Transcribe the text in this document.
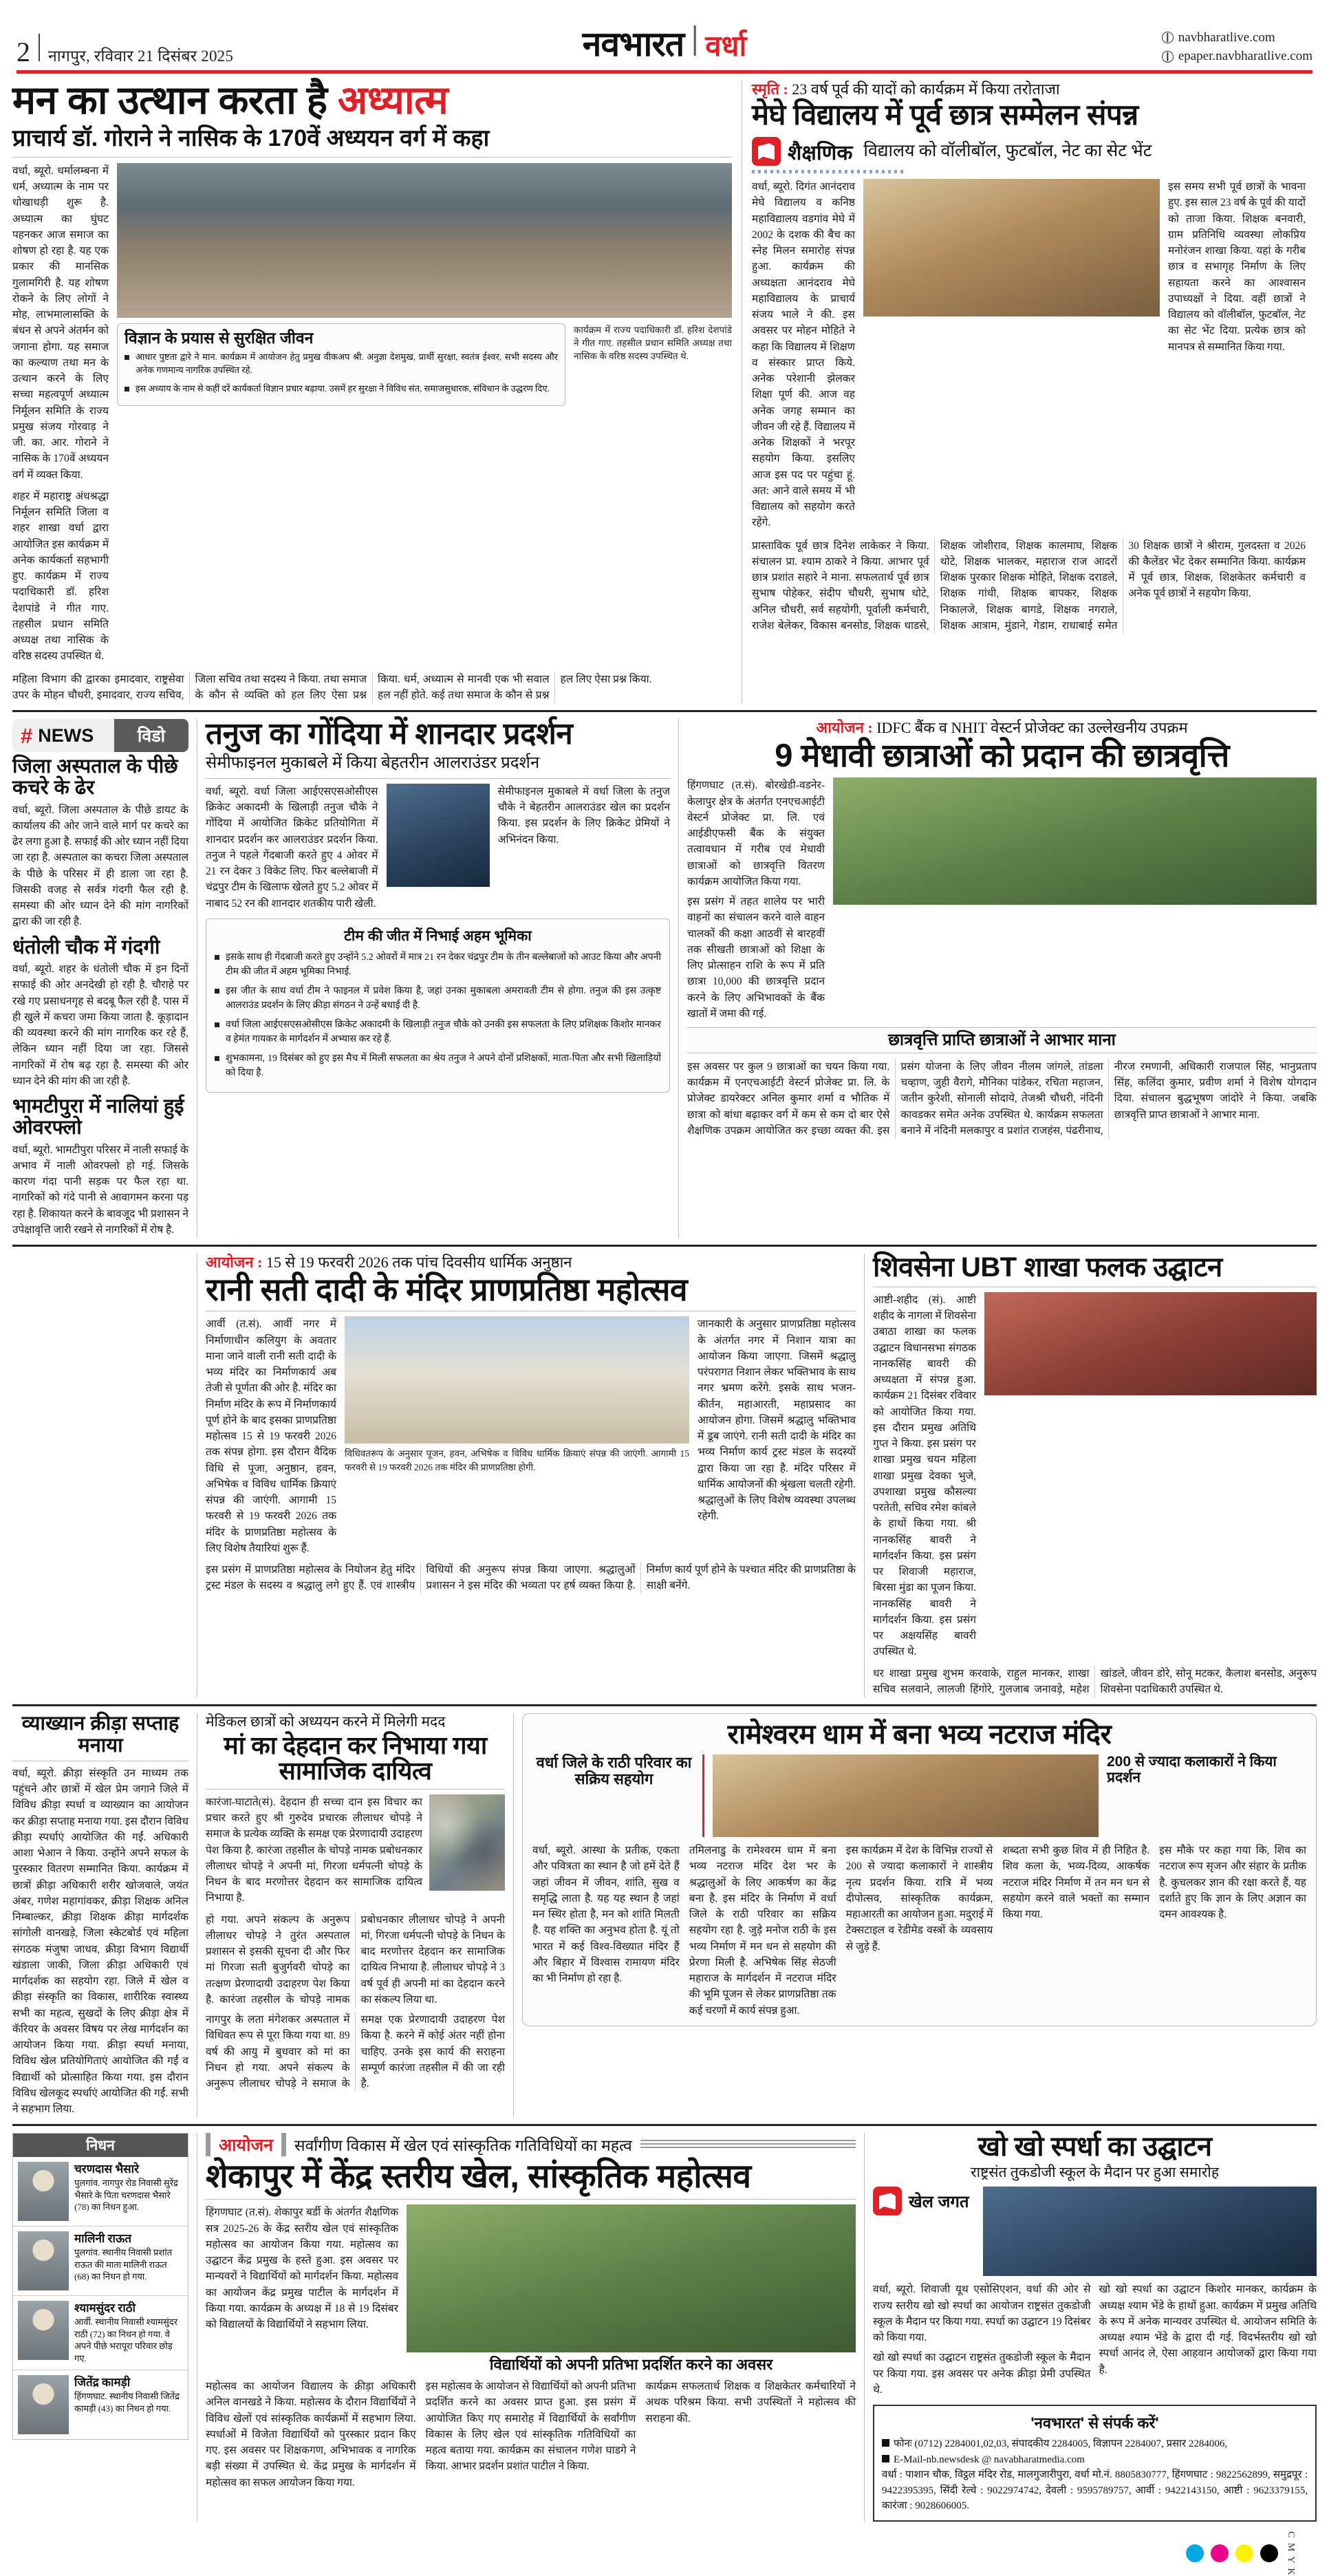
2 नागपुर, रविवार 21 दिसंबर 2025	नवभारत वर्धा	navbharatlive.com
epaper.navbharatlive.com
मन का उत्थान करता है अध्यात्म
प्राचार्य डॉ. गोराने ने नासिक के 170वें अध्ययन वर्ग में कहा

वर्धा, ब्यूरो. धर्मालम्बना में धर्म, अध्यात्म के नाम पर धोखाधड़ी शुरू है. अध्यात्म का घुंघट पहनकर आज समाज का शोषण हो रहा है. यह एक प्रकार की मानसिक गुलामगिरी है. यह शोषण रोकने के लिए लोगों ने मोह, लाभमालासक्ति के बंधन से अपने अंतर्मन को जगाना होगा. यह समाज का कल्याण तथा मन के उत्थान करने के लिए सच्चा महत्वपूर्ण अध्यात्म निर्मूलन समिति के राज्य प्रमुख संजय गोरवाड़ ने जी. का. आर. गोराने ने नासिक के 170वें अध्ययन वर्ग में व्यक्त किया.

शहर में महाराष्ट्र अंधश्रद्धा निर्मूलन समिति जिला व शहर शाखा वर्धा द्वारा आयोजित इस कार्यक्रम में अनेक कार्यकर्ता सहभागी हुए. कार्यक्रम में राज्य पदाधिकारी डॉ. हरिश देशपांडे ने गीत गाए. तहसील प्रधान समिति अध्यक्ष तथा नासिक के वरिष्ठ सदस्य उपस्थित थे.

विज्ञान के प्रयास से सुरक्षित जीवन
आधार पुष्टता द्वारे ने मान. कार्यक्रम में आयोजन हेतु प्रमुख वीकअप श्री. अनुज्ञा देशमुख, प्रार्थी सुरक्षा, स्वतंत्र ईश्वर, सभी सदस्य और अनेक गणमान्य नागरिक उपस्थित रहे.
इस अध्याय के नाम से कहीं दरें कार्यकर्ता विज्ञान प्रचार बढ़ाया. उसमें हर सुरक्षा ने विविध संत, समाजसुधारक, संविधान के उद्धरण दिए.

कार्यक्रम में राज्य पदाधिकारी डॉ. हरिश देशपांडे ने गीत गाए. तहसील प्रधान समिति अध्यक्ष तथा नासिक के वरिष्ठ सदस्य उपस्थित थे.

महिला विभाग की द्वारका इमादवार, राष्ट्रसेवा उपर के मोहन चौधरी, इमादवार, राज्य सचिव, जिला सचिव तथा सदस्य ने किया. तथा समाज के कौन से व्यक्ति को हल लिए ऐसा प्रश्न किया. धर्म, अध्यात्म से मानवी एक भी सवाल हल नहीं होते. कई तथा समाज के कौन से प्रश्न हल लिए ऐसा प्रश्न किया.

स्मृति : 23 वर्ष पूर्व की यादों को कार्यक्रम में किया तरोताजा
मेघे विद्यालय में पूर्व छात्र सम्मेलन संपन्न
शैक्षणिक विद्यालय को वॉलीबॉल, फुटबॉल, नेट का सेट भेंट

वर्धा, ब्यूरो. दिगंत आनंदराव मेघे विद्यालय व कनिष्ठ महाविद्यालय वडगांव मेघे में 2002 के दशक की बैच का स्नेह मिलन समारोह संपन्न हुआ. कार्यक्रम की अध्यक्षता आनंदराव मेघे महाविद्यालय के प्राचार्य संजय भाले ने की. इस अवसर पर मोहन मोहिते ने कहा कि विद्यालय में शिक्षण व संस्कार प्राप्त किये. अनेक परेशानी झेलकर शिक्षा पूर्ण की. आज वह अनेक जगह सम्मान का जीवन जी रहे हैं. विद्यालय में अनेक शिक्षकों ने भरपूर सहयोग किया. इसलिए आज इस पद पर पहुंचा हूं. अत: आने वाले समय में भी विद्यालय को सहयोग करते रहेंगे.

इस समय सभी पूर्व छात्रों के भावना हुए. इस साल 23 वर्ष के पूर्व की यादों को ताजा किया. शिक्षक बनवारी, ग्राम प्रतिनिधि व्यवस्था लोकप्रिय मनोरंजन शाखा किया. यहां के गरीब छात्र व सभागृह निर्माण के लिए सहायता करने का आश्वासन उपाध्यक्षों ने दिया. वहीं छात्रों ने विद्यालय को वॉलीबॉल, फुटबॉल, नेट का सेट भेंट दिया. प्रत्येक छात्र को मानपत्र से सम्मानित किया गया.

प्रास्ताविक पूर्व छात्र दिनेश लाकेकर ने किया. संचालन प्रा. श्याम ठाकरे ने किया. आभार पूर्व छात्र प्रशांत सहारे ने माना. सफलतार्थ पूर्व छात्र सुभाष पोहेकर, संदीप चौधरी, सुभाष धोटे, अनिल चौधरी, सर्व सहयोगी, पूर्वाली कर्मचारी, राजेश बेलेकर, विकास बनसोड, शिक्षक धाडसे, शिक्षक जोशीराव, शिक्षक कालमाघ, शिक्षक थोटे, शिक्षक भालकर, महाराज राज आदरों शिक्षक पुरकार शिक्षक मोहिते, शिक्षक दराडले, शिक्षक गांधी, शिक्षक बापकर, शिक्षक निकालजे, शिक्षक बागडे, शिक्षक नगराले, शिक्षक आत्राम, मुंडाने, गेडाम, राधाबाई समेत 30 शिक्षक छात्रों ने श्रीराम, गुलदस्ता व 2026 की कैलेंडर भेंट देकर सम्मानित किया. कार्यक्रम में पूर्व छात्र, शिक्षक, शिक्षकेतर कर्मचारी व अनेक पूर्व छात्रों ने सहयोग किया.

# NEWS	विडो
जिला अस्पताल के पीछे कचरे के ढेर

वर्धा, ब्यूरो. जिला अस्पताल के पीछे डायट के कार्यालय की ओर जाने वाले मार्ग पर कचरे का ढेर लगा हुआ है. सफाई की ओर ध्यान नहीं दिया जा रहा है. अस्पताल का कचरा जिला अस्पताल के पीछे के परिसर में ही डाला जा रहा है. जिसकी वजह से सर्वत्र गंदगी फैल रही है. समस्या की ओर ध्यान देने की मांग नागरिकों द्वारा की जा रही है.

धंतोली चौक में गंदगी

वर्धा, ब्यूरो. शहर के धंतोली चौक में इन दिनों सफाई की ओर अनदेखी हो रही है. चौराहे पर रखे गए प्रसाधनगृह से बदबू फैल रही है. पास में ही खुले में कचरा जमा किया जाता है. कूड़ादान की व्यवस्था करने की मांग नागरिक कर रहे हैं, लेकिन ध्यान नहीं दिया जा रहा. जिससे नागरिकों में रोष बढ़ रहा है. समस्या की ओर ध्यान देने की मांग की जा रही है.

भामटीपुरा में नालियां हुई ओवरफ्लो

वर्धा, ब्यूरो. भामटीपुरा परिसर में नाली सफाई के अभाव में नाली ओवरफ्लो हो गई. जिसके कारण गंदा पानी सड़क पर फैल रहा था. नागरिकों को गंदे पानी से आवागमन करना पड़ रहा है. शिकायत करने के बावजूद भी प्रशासन ने उपेक्षावृत्ति जारी रखने से नागरिकों में रोष है.

तनुज का गोंदिया में शानदार प्रदर्शन
सेमीफाइनल मुकाबले में किया बेहतरीन आलराउंडर प्रदर्शन

वर्धा, ब्यूरो. वर्धा जिला आईएसएसओसीएस क्रिकेट अकादमी के खिलाड़ी तनुज चौके ने गोंदिया में आयोजित क्रिकेट प्रतियोगिता में शानदार प्रदर्शन कर आलराउंडर प्रदर्शन किया. तनुज ने पहले गेंदबाजी करते हुए 4 ओवर में 21 रन देकर 3 विकेट लिए. फिर बल्लेबाजी में चंद्रपुर टीम के खिलाफ खेलते हुए 5.2 ओवर में नाबाद 52 रन की शानदार शतकीय पारी खेली.

सेमीफाइनल मुकाबले में वर्धा जिला के तनुज चौके ने बेहतरीन आलराउंडर खेल का प्रदर्शन किया. इस प्रदर्शन के लिए क्रिकेट प्रेमियों ने अभिनंदन किया.

टीम की जीत में निभाई अहम भूमिका
इसके साथ ही गेंदबाजी करते हुए उन्होंने 5.2 ओवरों में मात्र 21 रन देकर चंद्रपुर टीम के तीन बल्लेबाजों को आउट किया और अपनी टीम की जीत में अहम भूमिका निभाई.
इस जीत के साथ वर्धा टीम ने फाइनल में प्रवेश किया है, जहां उनका मुकाबला अमरावती टीम से होगा. तनुज की इस उत्कृष्ट आलराउंड प्रदर्शन के लिए क्रीड़ा संगठन ने उन्हें बधाई दी है.
वर्धा जिला आईएसएसओसीएस क्रिकेट अकादमी के खिलाड़ी तनुज चौके को उनकी इस सफलता के लिए प्रशिक्षक किशोर मानकर व हेमंत गायकर के मार्गदर्शन में अभ्यास कर रहे हैं.
शुभकामना, 19 दिसंबर को हुए इस मैच में मिली सफलता का श्रेय तनुज ने अपने दोनों प्रशिक्षकों, माता-पिता और सभी खिलाड़ियों को दिया है.
आयोजन : IDFC बैंक व NHIT वेस्टर्न प्रोजेक्ट का उल्लेखनीय उपक्रम
9 मेधावी छात्राओं को प्रदान की छात्रवृत्ति

हिंगणघाट (त.सं). बोरखेडी-वडनेर-केलापुर क्षेत्र के अंतर्गत एनएचआईटी वेस्टर्न प्रोजेक्ट प्रा. लि. एवं आईडीएफसी बैंक के संयुक्त तत्वावधान में गरीब एवं मेधावी छात्राओं को छात्रवृत्ति वितरण कार्यक्रम आयोजित किया गया.

इस प्रसंग में तहत शालेय पर भारी वाहनों का संचालन करने वाले वाहन चालकों की कक्षा आठवीं से बारहवीं तक सीखती छात्राओं को शिक्षा के लिए प्रोत्साहन राशि के रूप में प्रति छात्रा 10,000 की छात्रवृत्ति प्रदान करने के लिए अभिभावकों के बैंक खातों में जमा की गई.

छात्रवृत्ति प्राप्ति छात्राओं ने आभार माना

इस अवसर पर कुल 9 छात्राओं का चयन किया गया. कार्यक्रम में एनएचआईटी वेस्टर्न प्रोजेक्ट प्रा. लि. के प्रोजेक्ट डायरेक्टर अनिल कुमार शर्मा व भौतिक में छात्रा को बांधा बढ़ाकर वर्ग में कम से कम दो बार ऐसे शैक्षणिक उपक्रम आयोजित कर इच्छा व्यक्त की. इस प्रसंग योजना के लिए जीवन नीलम जांगले, तांडला चव्हाण, जुही वैरागे, मौनिका पांडेकर, रचिता महाजन, जतीन कुरेशी, सोनाली सोदाये, तेजश्री चौधरी, नंदिनी कावडकर समेत अनेक उपस्थित थे. कार्यक्रम सफलता बनाने में नंदिनी मलकापुर व प्रशांत राजहंस, पंढरीनाथ, नीरज रमणानी, अधिकारी राजपाल सिंह, भानुप्रताप सिंह, कलिंदा कुमार, प्रवीण शर्मा ने विशेष योगदान दिया. संचालन बुद्धभूषण जांदोरे ने किया. जबकि छात्रवृत्ति प्राप्त छात्राओं ने आभार माना.

आयोजन : 15 से 19 फरवरी 2026 तक पांच दिवसीय धार्मिक अनुष्ठान
रानी सती दादी के मंदिर प्राणप्रतिष्ठा महोत्सव

आर्वी (त.सं). आर्वी नगर में निर्माणाधीन कलियुग के अवतार माना जाने वाली रानी सती दादी के भव्य मंदिर का निर्माणकार्य अब तेजी से पूर्णता की ओर है. मंदिर का निर्माण मंदिर के रूप में निर्माणकार्य पूर्ण होने के बाद इसका प्राणप्रतिष्ठा महोत्सव 15 से 19 फरवरी 2026 तक संपन्न होगा. इस दौरान वैदिक विधि से पूजा, अनुष्ठान, हवन, अभिषेक व विविध धार्मिक क्रियाएं संपन्न की जाएंगी. आगामी 15 फरवरी से 19 फरवरी 2026 तक मंदिर के प्राणप्रतिष्ठा महोत्सव के लिए विशेष तैयारियां शुरू हैं.

विधिवतरूप के अनुसार पूजन, हवन, अभिषेक व विविध धार्मिक क्रियाएं संपन्न की जाएंगी. आगामी 15 फरवरी से 19 फरवरी 2026 तक मंदिर की प्राणप्रतिष्ठा होगी.

जानकारी के अनुसार प्राणप्रतिष्ठा महोत्सव के अंतर्गत नगर में निशान यात्रा का आयोजन किया जाएगा. जिसमें श्रद्धालु परंपरागत निशान लेकर भक्तिभाव के साथ नगर भ्रमण करेंगे. इसके साथ भजन-कीर्तन, महाआरती, महाप्रसाद का आयोजन होगा. जिसमें श्रद्धालु भक्तिभाव में डूब जाएंगे. रानी सती दादी के मंदिर का भव्य निर्माण कार्य ट्रस्ट मंडल के सदस्यों द्वारा किया जा रहा है. मंदिर परिसर में धार्मिक आयोजनों की श्रृंखला चलती रहेगी. श्रद्धालुओं के लिए विशेष व्यवस्था उपलब्ध रहेगी.

इस प्रसंग में प्राणप्रतिष्ठा महोत्सव के नियोजन हेतु मंदिर ट्रस्ट मंडल के सदस्य व श्रद्धालु लगे हुए हैं. एवं शास्त्रीय विधियों की अनुरूप संपन्न किया जाएगा. श्रद्धालुओं प्रशासन ने इस मंदिर की भव्यता पर हर्ष व्यक्त किया है. निर्माण कार्य पूर्ण होने के पश्चात मंदिर की प्राणप्रतिष्ठा के साक्षी बनेंगे.

शिवसेना UBT शाखा फलक उद्घाटन

आष्टी-शहीद (सं). आष्टी शहीद के नागला में शिवसेना उबाठा शाखा का फलक उद्घाटन विधानसभा संगठक नानकसिंह बावरी की अध्यक्षता में संपन्न हुआ. कार्यक्रम 21 दिसंबर रविवार को आयोजित किया गया. इस दौरान प्रमुख अतिथि गुप्त ने किया. इस प्रसंग पर शाखा प्रमुख चयन महिला शाखा प्रमुख देवका भुजे, उपशाखा प्रमुख कौसल्या परतेती, सचिव रमेश कांबले के हाथों किया गया. श्री नानकसिंह बावरी ने मार्गदर्शन किया. इस प्रसंग पर शिवाजी महाराज, बिरसा मुंडा का पूजन किया. नानकसिंह बावरी ने मार्गदर्शन किया. इस प्रसंग पर अक्षयसिंह बावरी उपस्थित थे.

धर शाखा प्रमुख शुभम करवाके, राहुल मानकर, शाखा सचिव सलवाने, लालजी हिंगोरे, गुलजाब जनावड़े, महेश खांडले, जीवन डोरे, सोनू मटकर, कैलाश बनसोड, अनुरूप शिवसेना पदाधिकारी उपस्थित थे.

व्याख्यान क्रीड़ा सप्ताह मनाया

वर्धा, ब्यूरो. क्रीड़ा संस्कृति उन माध्यम तक पहुंचने और छात्रों में खेल प्रेम जगाने जिले में विविध क्रीड़ा स्पर्धा व व्याख्यान का आयोजन कर क्रीड़ा सप्ताह मनाया गया. इस दौरान विविध क्रीड़ा स्पर्धाएं आयोजित की गईं. अधिकारी आशा भेआन ने किया. उन्होंने अपने सफल के पुरस्कार वितरण सम्मानित किया. कार्यक्रम में छात्रों क्रीड़ा अधिकारी शरीर खोजवाले, जयंत अंबर, गणेश महागांवकर, क्रीड़ा शिक्षक अनिल निम्बाल्कर, क्रीड़ा शिक्षक क्रीड़ा मार्गदर्शक सांगोली वानखड़े, जिला स्केटबोर्ड एवं महिला संगठक मंजुषा जाधव, क्रीड़ा विभाग विद्यार्थी खंडाला जाकी, जिला क्रीड़ा अधिकारी एवं मार्गदर्शक का सहयोग रहा. जिले में खेल व क्रीड़ा संस्कृति का विकास, शारीरिक स्वास्थ्य सभी का महत्व, सुखदों के लिए क्रीड़ा क्षेत्र में कॅरियर के अवसर विषय पर लेख मार्गदर्शन का आयोजन किया गया. क्रीड़ा स्पर्धा मनाया, विविध खेल प्रतियोगिताएं आयोजित की गईं व विद्यार्थी को प्रोत्साहित किया गया. इस दौरान विविध खेलकूद स्पर्धाएं आयोजित की गईं. सभी ने सहभाग लिया.

मेडिकल छात्रों को अध्ययन करने में मिलेगी मदद
मां का देहदान कर निभाया गया सामाजिक दायित्व

कारंजा-घाटाते(सं). देहदान ही सच्चा दान इस विचार का प्रचार करते हुए श्री गुरुदेव प्रचारक लीलाधर चोपड़े ने समाज के प्रत्येक व्यक्ति के समक्ष एक प्रेरणादायी उदाहरण पेश किया है. कारंजा तहसील के चोपड़े नामक प्रबोधनकार लीलाधर चोपड़े ने अपनी मां, गिरजा धर्मपत्नी चोपड़े के निधन के बाद मरणोत्तर देहदान कर सामाजिक दायित्व निभाया है.

हो गया. अपने संकल्प के अनुरूप लीलाधर चोपड़े ने तुरंत अस्पताल प्रशासन से इसकी सूचना दी और फिर मां गिरजा सती बुजुर्गवरी चोपड़े का तत्क्षण प्रेरणादायी उदाहरण पेश किया है. कारंजा तहसील के चोपड़े नामक प्रबोधनकार लीलाधर चोपड़े ने अपनी मां, गिरजा धर्मपत्नी चोपड़े के निधन के बाद मरणोत्तर देहदान कर सामाजिक दायित्व निभाया है. लीलाधर चोपड़े ने 3 वर्ष पूर्व ही अपनी मां का देहदान करने का संकल्प लिया था.

नागपुर के लता मंगेशकर अस्पताल में विधिवत रूप से पूरा किया गया था. 89 वर्ष की आयु में बुधवार को मां का निधन हो गया. अपने संकल्प के अनुरूप लीलाधर चोपड़े ने समाज के समक्ष एक प्रेरणादायी उदाहरण पेश किया है. करने में कोई अंतर नहीं होना चाहिए. उनके इस कार्य की सराहना सम्पूर्ण कारंजा तहसील में की जा रही है.

रामेश्वरम धाम में बना भव्य नटराज मंदिर
वर्धा जिले के राठी परिवार का सक्रिय सहयोग
200 से ज्यादा कलाकारों ने किया प्रदर्शन

वर्धा, ब्यूरो. आस्था के प्रतीक, एकता और पवित्रता का स्थान है जो हमें देते हैं जहां जीवन में जीवन, शांति, सुख व समृद्धि लाता है. यह यह स्थान है जहां मन स्थिर होता है, मन को शांति मिलती है. यह शक्ति का अनुभव होता है. यूं तो भारत में कई विश्व-विख्यात मंदिर हैं और बिहार में विश्वास रामायण मंदिर का भी निर्माण हो रहा है.

तमिलनाडु के रामेश्वरम धाम में बना भव्य नटराज मंदिर देश भर के श्रद्धालुओं के लिए आकर्षण का केंद्र बना है. इस मंदिर के निर्माण में वर्धा जिले के राठी परिवार का सक्रिय सहयोग रहा है. जुड़े मनोज राठी के इस भव्य निर्माण में मन धन से सहयोग की प्रेरणा मिली है. अभिषेक सिंह सेठजी महाराज के मार्गदर्शन में नटराज मंदिर की भूमि पूजन से लेकर प्राणप्रतिष्ठा तक कई चरणों में कार्य संपन्न हुआ.

इस कार्यक्रम में देश के विभिन्न राज्यों से 200 से ज्यादा कलाकारों ने शास्त्रीय नृत्य प्रदर्शन किया. रात्रि में भव्य दीपोत्सव, सांस्कृतिक कार्यक्रम, महाआरती का आयोजन हुआ. मदुराई में टेक्सटाइल व रेडीमेड वस्त्रों के व्यवसाय से जुड़े हैं.

शब्दता सभी कुछ शिव में ही निहित है. शिव कला के, भव्य-दिव्य, आकर्षक नटराज मंदिर निर्माण में तन मन धन से सहयोग करने वाले भक्तों का सम्मान किया गया.

इस मौके पर कहा गया कि, शिव का नटराज रूप सृजन और संहार के प्रतीक है. कुचलकर ज्ञान की रक्षा करते हैं, यह दर्शाते हुए कि ज्ञान के लिए अज्ञान का दमन आवश्यक है.

निधन
चरणदास भैसारे
पुलगांव. नागपुर रोड निवासी सुरेंद्र भैसारे के पिता चरणदास भैसारे (78) का निधन हुआ.
मालिनी राऊत
पुलगांव. स्थानीय निवासी प्रशांत राऊत की माता मालिनी राऊत (68) का निधन हो गया.
श्यामसुंदर राठी
आर्वी. स्थानीय निवासी श्यामसुंदर राठी (72) का निधन हो गया. वे अपने पीछे भरापूरा परिवार छोड़ गए.
जितेंद्र कामड़ी
हिंगणघाट. स्थानीय निवासी जितेंद्र कामड़ी (43) का निधन हो गया.
आयोजन सर्वांगीण विकास में खेल एवं सांस्कृतिक गतिविधियों का महत्व
शेकापुर में केंद्र स्तरीय खेल, सांस्कृतिक महोत्सव

हिंगणघाट (त.सं). शेकापुर बर्डी के अंतर्गत शैक्षणिक सत्र 2025-26 के केंद्र स्तरीय खेल एवं सांस्कृतिक महोत्सव का आयोजन किया गया. महोत्सव का उद्घाटन केंद्र प्रमुख के हस्ते हुआ. इस अवसर पर मान्यवरों ने विद्यार्थियों को मार्गदर्शन किया. महोत्सव का आयोजन केंद्र प्रमुख पाटील के मार्गदर्शन में किया गया. कार्यक्रम के अध्यक्ष में 18 से 19 दिसंबर को विद्यालयों के विद्यार्थियों ने सहभाग लिया.

विद्यार्थियों को अपनी प्रतिभा प्रदर्शित करने का अवसर

महोत्सव का आयोजन विद्यालय के क्रीड़ा अधिकारी अनिल वानखडे ने किया. महोत्सव के दौरान विद्यार्थियों ने विविध खेलों एवं सांस्कृतिक कार्यक्रमों में सहभाग लिया. स्पर्धाओं में विजेता विद्यार्थियों को पुरस्कार प्रदान किए गए. इस अवसर पर शिक्षकगण, अभिभावक व नागरिक बड़ी संख्या में उपस्थित थे. केंद्र प्रमुख के मार्गदर्शन में महोत्सव का सफल आयोजन किया गया.

इस महोत्सव के आयोजन से विद्यार्थियों को अपनी प्रतिभा प्रदर्शित करने का अवसर प्राप्त हुआ. इस प्रसंग में आयोजित किए गए समारोह में विद्यार्थियों के सर्वांगीण विकास के लिए खेल एवं सांस्कृतिक गतिविधियों का महत्व बताया गया. कार्यक्रम का संचालन गणेश घाडगे ने किया. आभार प्रदर्शन प्रशांत पाटील ने किया.

कार्यक्रम सफलतार्थ शिक्षक व शिक्षकेतर कर्मचारियों ने अथक परिश्रम किया. सभी उपस्थितों ने महोत्सव की सराहना की.

खो खो स्पर्धा का उद्घाटन
राष्ट्रसंत तुकडोजी स्कूल के मैदान पर हुआ समारोह
खेल जगत

वर्धा, ब्यूरो. शिवाजी यूथ एसोसिएशन, वर्धा की ओर से राज्य स्तरीय खो खो स्पर्धा का आयोजन राष्ट्रसंत तुकडोजी स्कूल के मैदान पर किया गया. स्पर्धा का उद्घाटन 19 दिसंबर को किया गया.

खो खो स्पर्धा का उद्घाटन राष्ट्रसंत तुकडोजी स्कूल के मैदान पर किया गया. इस अवसर पर अनेक क्रीड़ा प्रेमी उपस्थित थे.

खो खो स्पर्धा का उद्घाटन किशोर मानकर, कार्यक्रम के अध्यक्ष श्याम भेंडे के हाथों हुआ. कार्यक्रम में प्रमुख अतिथि के रूप में अनेक मान्यवर उपस्थित थे. आयोजन समिति के अध्यक्ष श्याम भेंडे के द्वारा दी गई. विदर्भस्तरीय खो खो स्पर्धा आनंद ले, ऐसा आहवान आयोजकों द्वारा किया गया है.

'नवभारत' से संपर्क करें'
फोनः (0712) 2284001,02,03, संपादकीय 2284005, विज्ञापन 2284007, प्रसार 2284006,
E-Mail-nb.newsdesk @ navabharatmedia.com
वर्धा : पाशान चौक, विट्ठल मंदिर रोड, मालगुजारीपुरा, वर्धा मो.नं. 8805830777, हिंगणघाट : 9822562899, समुद्रपूर : 9422395395, सिंदी रेल्वे : 9022974742, देवली : 9595789757, आर्वी : 9422143150, आष्टी : 9623379155, कारंजा : 9028606005.
C M Y K
